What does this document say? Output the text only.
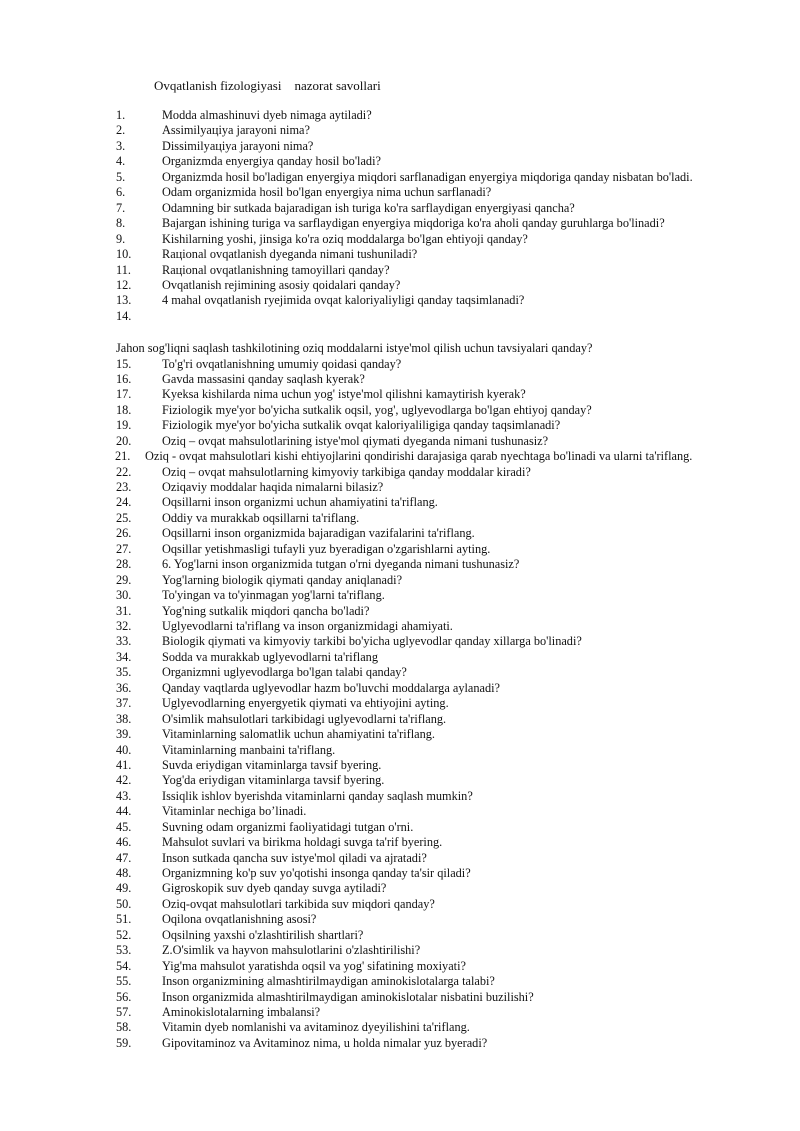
Ovqatlanish fizologiyasi    nazorat savollari
1.	Modda almashinuvi dyeb nimaga aytiladi?
2.	Assimilyaцiya jarayoni nima?
3.	Dissimilyaцiya jarayoni nima?
4.	Organizmda enyergiya qanday hosil bo'ladi?
5.	Organizmda hosil bo'ladigan enyergiya miqdori sarflanadigan enyergiya miqdoriga qanday nisbatan bo'ladi.
6.	Odam organizmida hosil bo'lgan enyergiya nima uchun sarflanadi?
7.	Odamning bir sutkada bajaradigan ish turiga ko'ra sarflaydigan enyergiyasi qancha?
8.	Bajargan ishining turiga va sarflaydigan enyergiya miqdoriga ko'ra aholi qanday guruhlarga bo'linadi?
9.	Kishilarning yoshi, jinsiga ko'ra oziq moddalarga bo'lgan ehtiyoji qanday?
10. Raцional ovqatlanish dyeganda nimani tushuniladi?
11.	Raцional ovqatlanishning tamoyillari qanday?
12. Ovqatlanish rejimining asosiy qoidalari qanday?
13. 4 mahal ovqatlanish ryejimida ovqat kaloriyaliyligi qanday taqsimlanadi?
14.
Jahon sog'liqni saqlash tashkilotining oziq moddalarni istye'mol qilish uchun tavsiyalari qanday?
15. To'g'ri ovqatlanishning umumiy qoidasi qanday?
16. Gavda massasini qanday saqlash kyerak?
17. Kyeksa kishilarda nima uchun yog' istye'mol qilishni kamaytirish kyerak?
18. Fiziologik mye'yor bo'yicha sutkalik oqsil, yog', uglyevodlarga bo'lgan ehtiyoj qanday?
19. Fiziologik mye'yor bo'yicha sutkalik ovqat kaloriyaliligiga qanday taqsimlanadi?
20. Oziq – ovqat mahsulotlarining istye'mol qiymati dyeganda nimani tushunasiz?
21. Oziq - ovqat mahsulotlari kishi ehtiyojlarini qondirishi darajasiga qarab nyechtaga bo'linadi va ularni ta'riflang.
22. Oziq – ovqat mahsulotlarning kimyoviy tarkibiga qanday moddalar kiradi?
23. Oziqaviy moddalar haqida nimalarni bilasiz?
24. Oqsillarni inson organizmi uchun ahamiyatini ta'riflang.
25. Oddiy va murakkab oqsillarni ta'riflang.
26. Oqsillarni inson organizmida bajaradigan vazifalarini ta'riflang.
27. Oqsillar yetishmasligi tufayli yuz byeradigan o'zgarishlarni ayting.
28. 6. Yog'larni inson organizmida tutgan o'rni dyeganda nimani tushunasiz?
29. Yog'larning biologik qiymati qanday aniqlanadi?
30. To'yingan va to'yinmagan yog'larni ta'riflang.
31. Yog'ning sutkalik miqdori qancha bo'ladi?
32. Uglyevodlarni ta'riflang va inson organizmidagi ahamiyati.
33. Biologik qiymati va kimyoviy tarkibi bo'yicha uglyevodlar qanday xillarga bo'linadi?
34. Sodda va murakkab uglyevodlarni ta'riflang
35. Organizmni uglyevodlarga bo'lgan talabi qanday?
36. Qanday vaqtlarda uglyevodlar hazm bo'luvchi moddalarga aylanadi?
37. Uglyevodlarning enyergyetik qiymati va ehtiyojini ayting.
38. O'simlik mahsulotlari tarkibidagi uglyevodlarni ta'riflang.
39. Vitaminlarning salomatlik uchun ahamiyatini ta'riflang.
40. Vitaminlarning manbaini ta'riflang.
41. Suvda eriydigan vitaminlarga tavsif byering.
42. Yog'da eriydigan vitaminlarga tavsif byering.
43. Issiqlik ishlov byerishda vitaminlarni qanday saqlash mumkin?
44. Vitaminlar nechiga bo’linadi.
45. Suvning odam organizmi faoliyatidagi tutgan o'rni.
46. Mahsulot suvlari va birikma holdagi suvga ta'rif byering.
47. Inson sutkada qancha suv istye'mol qiladi va ajratadi?
48. Organizmning ko'p suv yo'qotishi insonga qanday ta'sir qiladi?
49. Gigroskopik suv dyeb qanday suvga aytiladi?
50. Oziq-ovqat mahsulotlari tarkibida suv miqdori qanday?
51. Oqilona ovqatlanishning asosi?
52. Oqsilning yaxshi o'zlashtirilish shartlari?
53. Z.O'simlik va hayvon mahsulotlarini o'zlashtirilishi?
54. Yig'ma mahsulot yaratishda oqsil va yog' sifatining moxiyati?
55. Inson organizmining almashtirilmaydigan aminokislotalarga talabi?
56. Inson organizmida almashtirilmaydigan aminokislotalar nisbatini buzilishi?
57. Aminokislotalarning imbalansi?
58. Vitamin dyeb nomlanishi va avitaminoz dyeyilishini ta'riflang.
59. Gipovitaminoz va Avitaminoz nima, u holda nimalar yuz byeradi?
